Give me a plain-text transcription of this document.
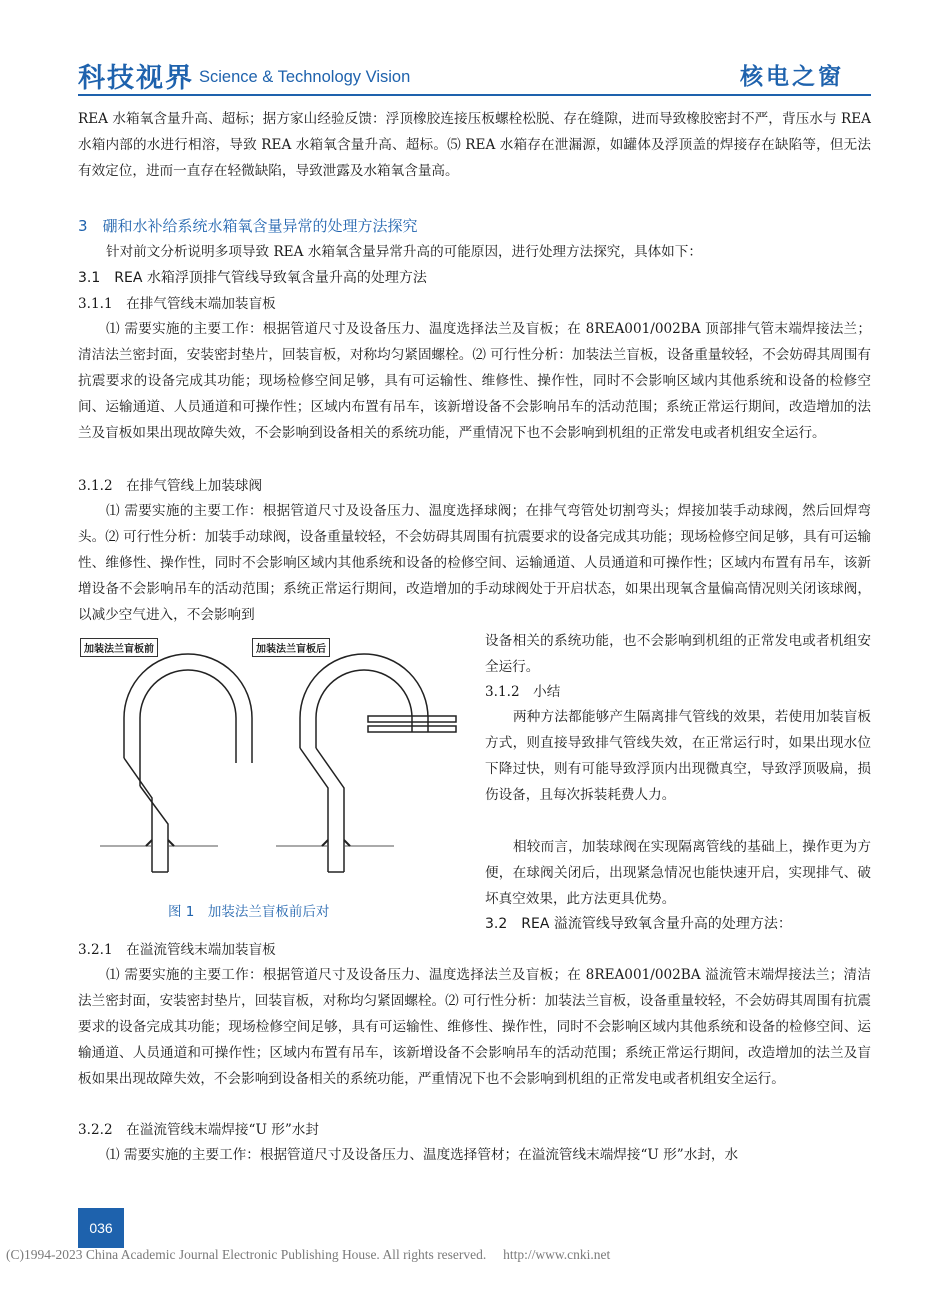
科技视界 Science & Technology Vision	核电之窗
REA 水箱氧含量升高、超标；据方家山经验反馈：浮顶橡胶连接压板螺栓松脱、存在缝隙，进而导致橡胶密封不严，背压水与 REA 水箱内部的水进行相溶，导致 REA 水箱氧含量升高、超标。⑸ REA 水箱存在泄漏源，如罐体及浮顶盖的焊接存在缺陷等，但无法有效定位，进而一直存在轻微缺陷，导致泄露及水箱氧含量高。
3　硼和水补给系统水箱氧含量异常的处理方法探究
针对前文分析说明多项导致 REA 水箱氧含量异常升高的可能原因，进行处理方法探究，具体如下：
3.1　REA 水箱浮顶排气管线导致氧含量升高的处理方法
3.1.1　在排气管线末端加装盲板
⑴ 需要实施的主要工作：根据管道尺寸及设备压力、温度选择法兰及盲板；在 8REA001/002BA 顶部排气管末端焊接法兰；清洁法兰密封面，安装密封垫片，回装盲板，对称均匀紧固螺栓。⑵ 可行性分析：加装法兰盲板，设备重量较轻，不会妨碍其周围有抗震要求的设备完成其功能；现场检修空间足够，具有可运输性、维修性、操作性，同时不会影响区域内其他系统和设备的检修空间、运输通道、人员通道和可操作性；区域内布置有吊车，该新增设备不会影响吊车的活动范围；系统正常运行期间，改造增加的法兰及盲板如果出现故障失效，不会影响到设备相关的系统功能，严重情况下也不会影响到机组的正常发电或者机组安全运行。
3.1.2　在排气管线上加装球阀
⑴ 需要实施的主要工作：根据管道尺寸及设备压力、温度选择球阀；在排气弯管处切割弯头；焊接加装手动球阀，然后回焊弯头。⑵ 可行性分析：加装手动球阀，设备重量较轻，不会妨碍其周围有抗震要求的设备完成其功能；现场检修空间足够，具有可运输性、维修性、操作性，同时不会影响区域内其他系统和设备的检修空间、运输通道、人员通道和可操作性；区域内布置有吊车，该新增设备不会影响吊车的活动范围；系统正常运行期间，改造增加的手动球阀处于开启状态，如果出现氧含量偏高情况则关闭该球阀，以减少空气进入，不会影响到
加装法兰盲板前	加装法兰盲板后
图 1　加装法兰盲板前后对
设备相关的系统功能，也不会影响到机组的正常发电或者机组安全运行。
3.1.2　小结
两种方法都能够产生隔离排气管线的效果，若使用加装盲板方式，则直接导致排气管线失效，在正常运行时，如果出现水位下降过快，则有可能导致浮顶内出现微真空，导致浮顶吸扁，损伤设备，且每次拆装耗费人力。
相较而言，加装球阀在实现隔离管线的基础上，操作更为方便，在球阀关闭后，出现紧急情况也能快速开启，实现排气、破坏真空效果，此方法更具优势。
3.2　REA 溢流管线导致氧含量升高的处理方法：
3.2.1　在溢流管线末端加装盲板
⑴ 需要实施的主要工作：根据管道尺寸及设备压力、温度选择法兰及盲板；在 8REA001/002BA 溢流管末端焊接法兰；清洁法兰密封面，安装密封垫片，回装盲板，对称均匀紧固螺栓。⑵ 可行性分析：加装法兰盲板，设备重量较轻，不会妨碍其周围有抗震要求的设备完成其功能；现场检修空间足够，具有可运输性、维修性、操作性，同时不会影响区域内其他系统和设备的检修空间、运输通道、人员通道和可操作性；区域内布置有吊车，该新增设备不会影响吊车的活动范围；系统正常运行期间，改造增加的法兰及盲板如果出现故障失效，不会影响到设备相关的系统功能，严重情况下也不会影响到机组的正常发电或者机组安全运行。
3.2.2　在溢流管线末端焊接“U 形”水封
⑴ 需要实施的主要工作：根据管道尺寸及设备压力、温度选择管材；在溢流管线末端焊接“U 形”水封，水
036
(C)1994-2023 China Academic Journal Electronic Publishing House. All rights reserved.　 http://www.cnki.net
